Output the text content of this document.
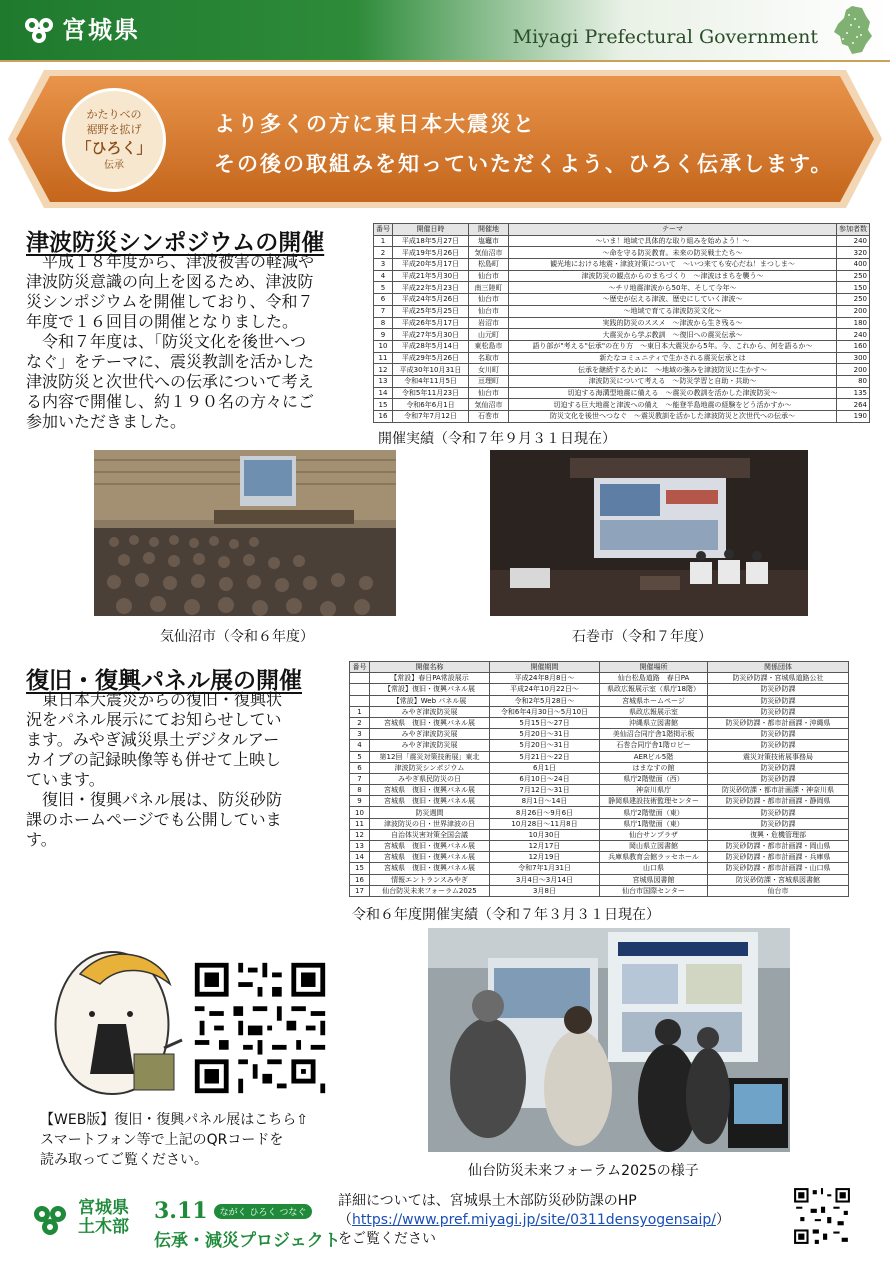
宮城県	Miyagi Prefectural Government
かたりべの
裾野を拡げ
「ひろく」
伝承
より多くの方に東日本大震災と
その後の取組みを知っていただくよう、ひろく伝承します。
津波防災シンポジウムの開催
　平成１８年度から、津波被害の軽減や
津波防災意識の向上を図るため、津波防
災シンポジウムを開催しており、令和７
年度で１６回目の開催となりました。
　令和７年度は、「防災文化を後世へつ
なぐ」をテーマに、震災教訓を活かした
津波防災と次世代への伝承について考え
る内容で開催し、約１９０名の方々にご
参加いただきました。
番号	開催日時	開催地	テーマ	参加者数
1	平成18年5月27日	塩竈市	～いま！地域で具体的な取り組みを始めよう！～	240
2	平成19年5月26日	気仙沼市	～命を守る防災教育。未来の防災戦士たち～	320
3	平成20年5月17日	松島町	観光地における地震・津波対策について　～いつ来ても安心だね！まつしま～	400
4	平成21年5月30日	仙台市	津波防災の観点からのまちづくり　～津波はまちを襲う～	250
5	平成22年5月23日	南三陸町	～チリ地震津波から50年、そして今年～	150
6	平成24年5月26日	仙台市	～歴史が伝える津波、歴史にしていく津波～	250
7	平成25年5月25日	仙台市	～地域で育てる津波防災文化～	200
8	平成26年5月17日	岩沼市	実践的防災のススメ　～津波から生き残る～	180
9	平成27年5月30日	山元町	大震災から学ぶ教訓　～復旧への震災伝承～	240
10	平成28年5月14日	東松島市	語り部が"考える"伝承"の在り方　～東日本大震災から5年。今、これから、何を語るか～	160
11	平成29年5月26日	名取市	新たなコミュニティで生かされる震災伝承とは	300
12	平成30年10月31日	女川町	伝承を継続するために　～地域の強みを津波防災に生かす～	200
13	令和4年11月5日	亘理町	津波防災について考える　～防災学習と自助・共助～	80
14	令和5年11月23日	仙台市	切迫する海溝型地震に備える　～震災の教訓を活かした津波防災～	135
15	令和6年6月1日	気仙沼市	切迫する巨大地震と津波への備え　～能登半島地震の経験をどう活かすか～	264
16	令和7年7月12日	石巻市	防災文化を後世へつなぐ　～震災教訓を活かした津波防災と次世代への伝承～	190
開催実績（令和７年９月３１日現在）
気仙沼市（令和６年度）	石巻市（令和７年度）
復旧・復興パネル展の開催
　東日本大震災からの復旧・復興状
況をパネル展示にてお知らせしてい
ます。みやぎ減災県土デジタルアー
カイブの記録映像等も併せて上映し
ています。
　復旧・復興パネル展は、防災砂防
課のホームページでも公開していま
す。
番号	開催名称	開催期間	開催場所	関係団体
	【常設】春日PA常設展示	平成24年8月8日～	仙台松島道路　春日PA	防災砂防課・宮城県道路公社
	【常設】復旧・復興パネル展	平成24年10月22日～	県政広報展示室（県庁18階）	防災砂防課
	【常設】Web パネル展	令和2年5月28日～	宮城県ホームページ	防災砂防課
1	みやぎ津波防災展	令和6年4月30日～5月10日	県政広報展示室	防災砂防課
2	宮城県　復旧・復興パネル展	5月15日～27日	沖縄県立図書館	防災砂防課・都市計画課・沖縄県
3	みやぎ津波防災展	5月20日～31日	美仙沼合同庁舎1階掲示板	防災砂防課
4	みやぎ津波防災展	5月20日～31日	石巻合同庁舎1階ロビー	防災砂防課
5	第12回「震災対策技術展」東北	5月21日～22日	AERビル5階	震災対策技術展事務局
6	津波防災シンポジウム	6月1日	はまなすの館	防災砂防課
7	みやぎ県民防災の日	6月10日～24日	県庁2階壁面（西）	防災砂防課
8	宮城県　復旧・復興パネル展	7月12日～31日	神奈川県庁	防災砂防課・都市計画課・神奈川県
9	宮城県　復旧・復興パネル展	8月1日～14日	静岡県建設技術監理センター	防災砂防課・都市計画課・静岡県
10	防災週間	8月26日～9月6日	県庁2階壁面（東）	防災砂防課
11	津波防災の日・世界津波の日	10月28日～11月8日	県庁1階壁面（東）	防災砂防課
12	自治体災害対策全国会議	10月30日	仙台サンプラザ	復興・危機管理部
13	宮城県　復旧・復興パネル展	12月17日	岡山県立図書館	防災砂防課・都市計画課・岡山県
14	宮城県　復旧・復興パネル展	12月19日	兵庫県教育会館ラッセホール	防災砂防課・都市計画課・兵庫県
15	宮城県　復旧・復興パネル展	令和7年1月31日	山口県	防災砂防課・都市計画課・山口県
16	情報エントランスみやぎ	3月4日～3月14日	宮城県図書館	防災砂防課・宮城県図書館
17	仙台防災未来フォーラム2025	3月8日	仙台市国際センター	仙台市
令和６年度開催実績（令和７年３月３１日現在）
【WEB版】復旧・復興パネル展はこちら⇧
スマートフォン等で上記のQRコードを
読み取ってご覧ください。
仙台防災未来フォーラム2025の様子
宮城県
土木部
3.11	ながく ひろく つなぐ
伝承・減災プロジェクト
詳細については、宮城県土木部防災砂防課のHP
（https://www.pref.miyagi.jp/site/0311densyogensaip/）
をご覧ください
